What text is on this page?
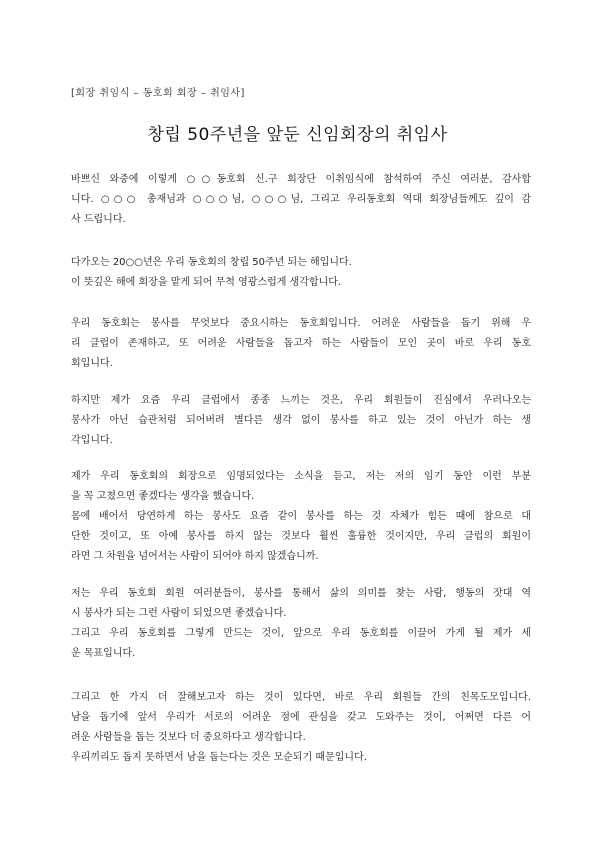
[회장 취임식 – 동호회 회장 – 취임사]
창립 50주년을 앞둔 신임회장의 취임사
바쁘신 와중에 이렇게 ○○동호회 신.구 회장단 이취임식에 참석하여 주신 여러분, 감사합
니다. ○○○ 총재님과 ○○○님, ○○○님, 그리고 우리동호회 역대 회장님들께도 깊이 감
사 드립니다.
다가오는 20○○년은 우리 동호회의 창립 50주년 되는 해입니다.
이 뜻깊은 해에 회장을 맡게 되어 무척 영광스럽게 생각합니다.
우리 동호회는 봉사를 무엇보다 중요시하는 동호회입니다. 어려운 사람들을 돕기 위해 우
리 클럽이 존재하고, 또 어려운 사람들을 돕고자 하는 사람들이 모인 곳이 바로 우리 동호
회입니다.
하지만 제가 요즘 우리 클럽에서 종종 느끼는 것은, 우리 회원들이 진심에서 우러나오는
봉사가 아닌 습관처럼 되어버려 별다른 생각 없이 봉사를 하고 있는 것이 아닌가 하는 생
각입니다.
제가 우리 동호회의 회장으로 임명되었다는 소식을 듣고, 저는 저의 임기 동안 이런 부분
을 꼭 고쳤으면 좋겠다는 생각을 했습니다.
몸에 배어서 당연하게 하는 봉사도 요즘 같이 봉사를 하는 것 자체가 힘든 때에 참으로 대
단한 것이고, 또 아예 봉사를 하지 않는 것보다 훨씬 훌륭한 것이지만, 우리 클럽의 회원이
라면 그 차원을 넘어서는 사람이 되어야 하지 않겠습니까.
저는 우리 동호회 회원 여러분들이, 봉사를 통해서 삶의 의미를 찾는 사람, 행동의 잣대 역
시 봉사가 되는 그런 사람이 되었으면 좋겠습니다.
그리고 우리 동호회를 그렇게 만드는 것이, 앞으로 우리 동호회를 이끌어 가게 될 제가 세
운 목표입니다.
그리고 한 가지 더 잘해보고자 하는 것이 있다면, 바로 우리 회원들 간의 친목도모입니다.
남을 돕기에 앞서 우리가 서로의 어려운 점에 관심을 갖고 도와주는 것이, 어쩌면 다른 어
려운 사람들을 돕는 것보다 더 중요하다고 생각합니다.
우리끼리도 돕지 못하면서 남을 돕는다는 것은 모순되기 때문입니다.
